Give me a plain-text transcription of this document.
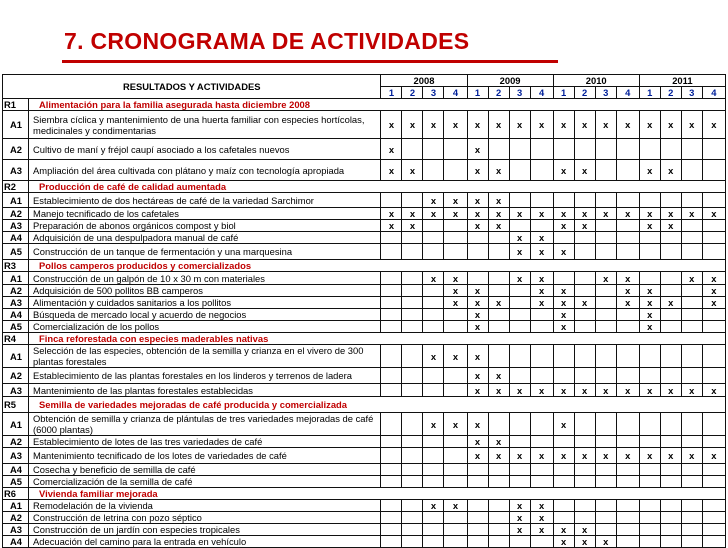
7. CRONOGRAMA DE ACTIVIDADES
RESULTADOS Y ACTIVIDADES		2008				2009				2010				2011			
		1	2	3	4	1	2	3	4	1	2	3	4	1	2	3	4
R1	Alimentación para la familia asegurada hasta diciembre 2008																
A1	Siembra cíclica y mantenimiento de una huerta familiar con especies hortícolas, medicinales y condimentarias	x	x	x	x	x	x	x	x	x	x	x	x	x	x	x	x
A2	Cultivo de maní y fréjol caupí asociado a los cafetales nuevos	x				x											
A3	Ampliación del área cultivada con plátano y maíz con tecnología apropiada	x	x			x	x			x	x			x	x		
R2	Producción de café de calidad aumentada																
A1	Establecimiento de dos hectáreas de café de la variedad Sarchimor			x	x	x	x										
A2	Manejo tecnificado de los cafetales	x	x	x	x	x	x	x	x	x	x	x	x	x	x	x	x
A3	Preparación de abonos orgánicos compost y biol	x	x			x	x			x	x			x	x		
A4	Adquisición de una despulpadora manual de café							x	x								
A5	Construcción de un tanque de fermentación y una marquesina							x	x	x							
R3	Pollos camperos producidos y comercializados																
A1	Construcción de un galpón de 10 x 30 m con materiales			x	x			x	x			x	x			x	x
A2	Adquisición de 500 pollitos BB camperos				x	x			x	x			x	x			x
A3	Alimentación y cuidados sanitarios a los pollitos				x	x	x		x	x	x		x	x	x		x
A4	Búsqueda de mercado local y acuerdo de negocios					x				x				x			
A5	Comercialización de los pollos					x				x				x			
R4	Finca reforestada con especies maderables nativas																
A1	Selección de las especies, obtención de la semilla y crianza en el vivero de 300 plantas forestales			x	x	x											
A2	Establecimiento de las plantas forestales en los linderos y terrenos de ladera					x	x										
A3	Mantenimiento de las plantas forestales establecidas					x	x	x	x	x	x	x	x	x	x	x	x
R5	Semilla de variedades mejoradas de café producida y comercializada																
A1	Obtención de semilla y crianza de plántulas de tres variedades mejoradas de café (6000 plantas)			x	x	x				x							
A2	Establecimiento de lotes de las tres variedades de café					x	x										
A3	Mantenimiento tecnificado de los lotes de variedades de café					x	x	x	x	x	x	x	x	x	x	x	x
A4	Cosecha y beneficio de semilla de café																
A5	Comercialización de la semilla de café																
R6	Vivienda familiar mejorada																
A1	Remodelación de la vivienda			x	x			x	x								
A2	Construcción de letrina con pozo séptico							x	x								
A3	Construcción de un jardín con especies tropicales							x	x	x	x						
A4	Adecuación del camino para la entrada en vehículo									x	x	x					
